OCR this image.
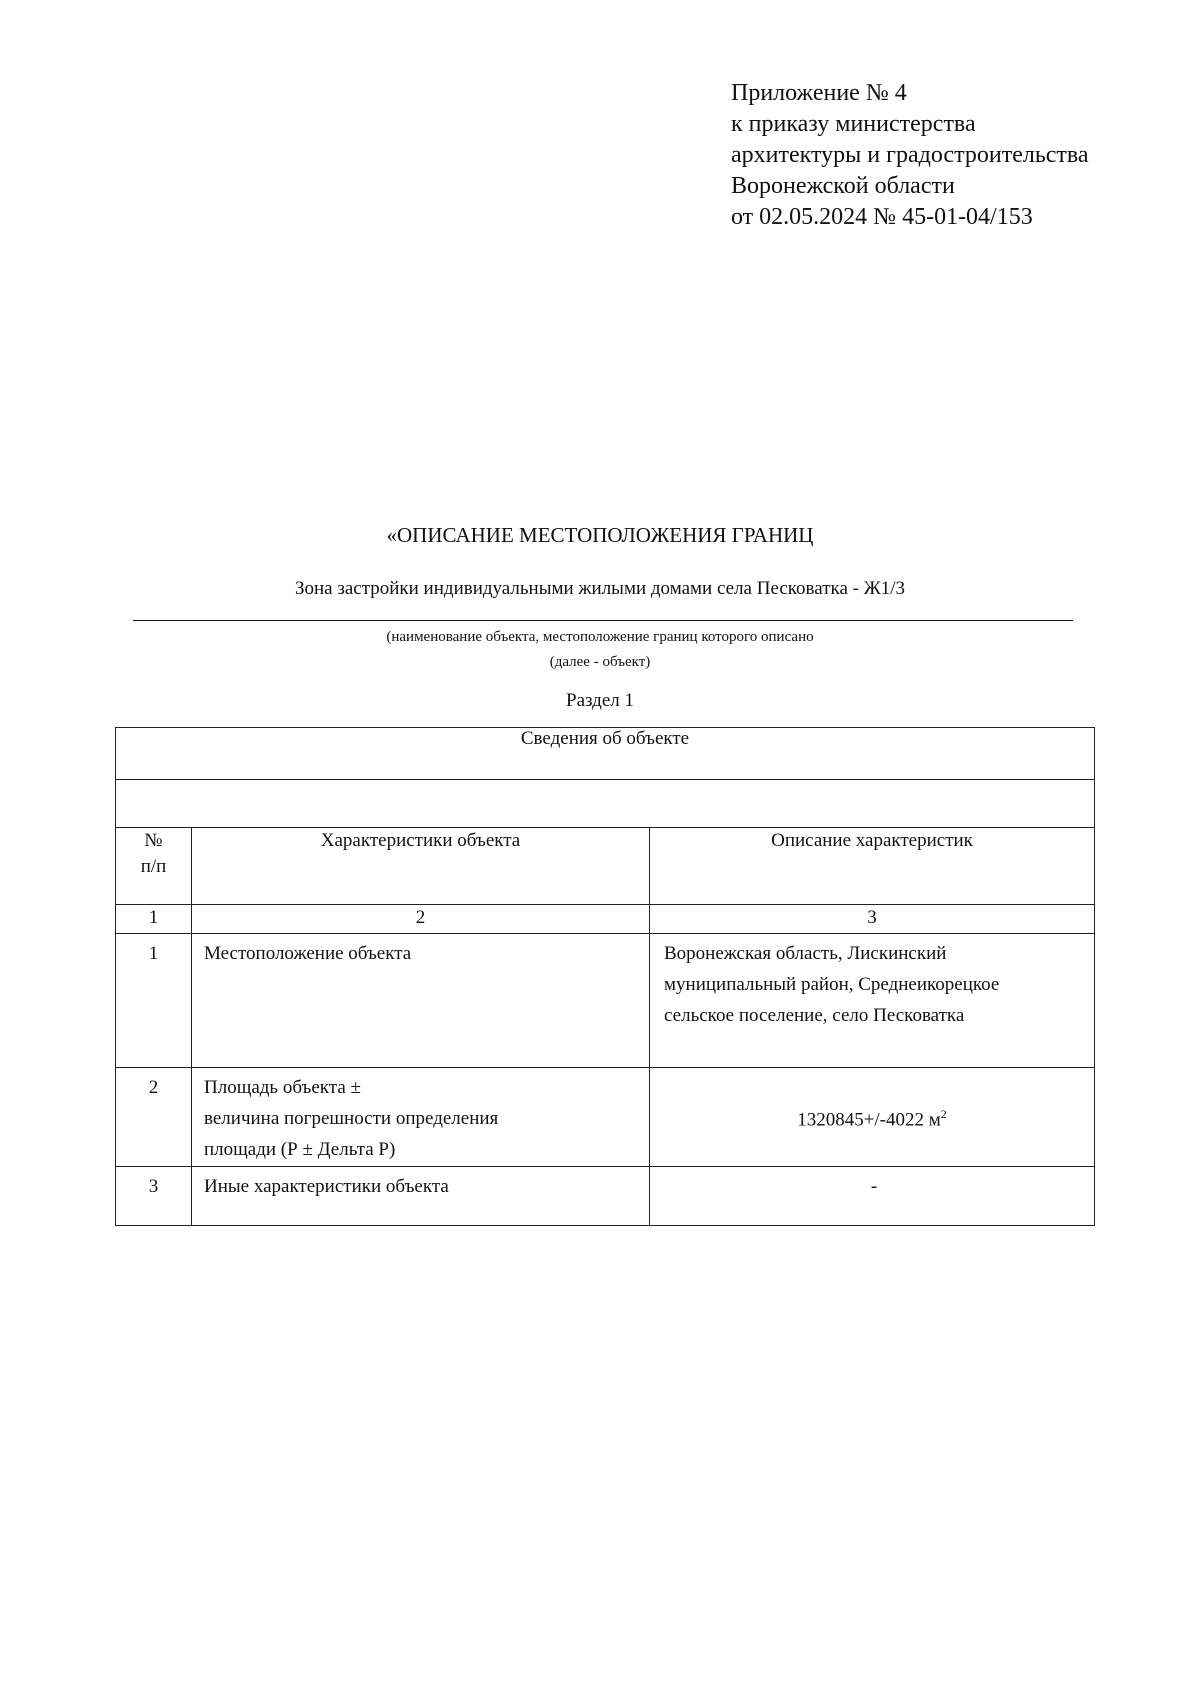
Приложение № 4
к приказу министерства
архитектуры и градостроительства
Воронежской области
от 02.05.2024 № 45-01-04/153
«ОПИСАНИЕ МЕСТОПОЛОЖЕНИЯ ГРАНИЦ
Зона застройки индивидуальными жилыми домами села Песковатка - Ж1/3
(наименование объекта, местоположение границ которого описано
(далее - объект)
Раздел 1
Сведения об объекте		

№
п/п	Характеристики объекта	Описание характеристик
1	2	3
1	Местоположение объекта	Воронежская область, Лискинский
муниципальный район, Среднеикорецкое
сельское поселение, село Песковатка

2	Площадь объекта ±
величина погрешности определения
площади (Р ± Дельта Р)	1320845+/-4022 $м^2$
3	Иные характеристики объекта	-
